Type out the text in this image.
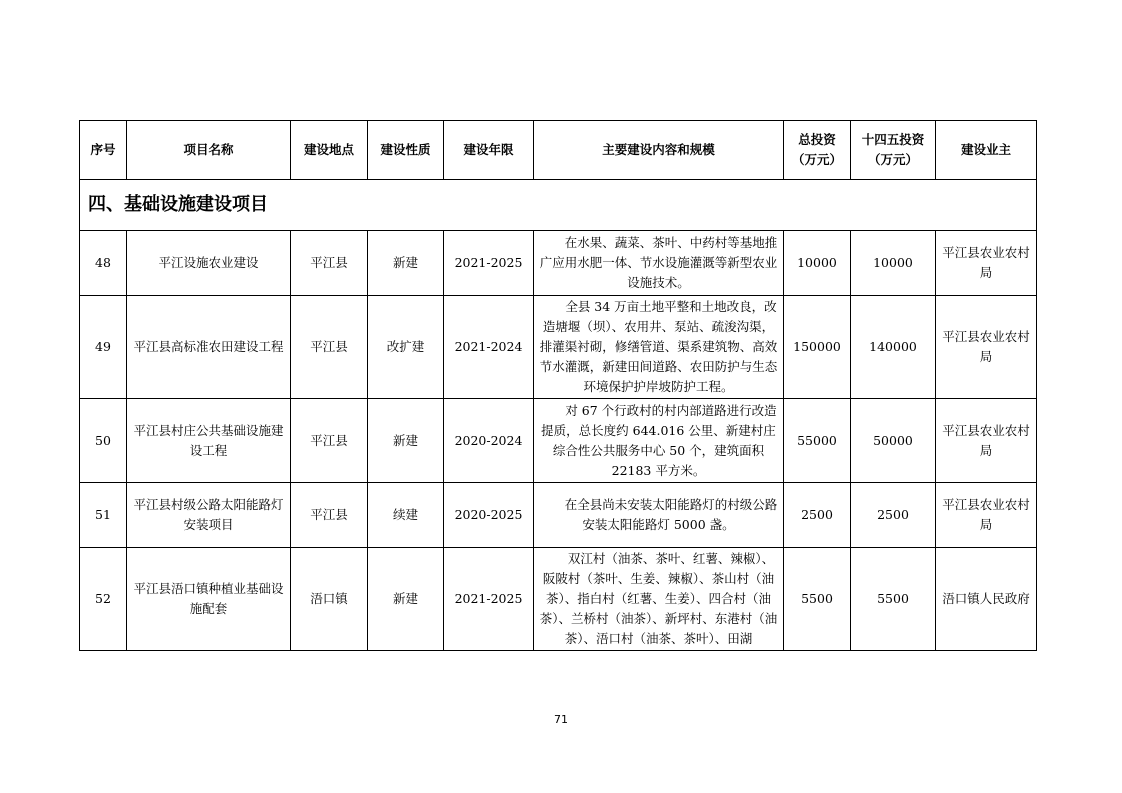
序号	项目名称	建设地点	建设性质	建设年限	主要建设内容和规模	总投资（万元）	十四五投资（万元）	建设业主
四、基础设施建设项目								
48	平江设施农业建设	平江县	新建	2021-2025	在水果、蔬菜、茶叶、中药村等基地推广应用水肥一体、节水设施灌溉等新型农业设施技术。	10000	10000	平江县农业农村局
49	平江县高标准农田建设工程	平江县	改扩建	2021-2024	全县 34 万亩土地平整和土地改良，改造塘堰（坝）、农用井、泵站、疏浚沟渠，排灌渠衬砌，修缮管道、渠系建筑物、高效节水灌溉，新建田间道路、农田防护与生态环境保护护岸坡防护工程。	150000	140000	平江县农业农村局
50	平江县村庄公共基础设施建设工程	平江县	新建	2020-2024	对 67 个行政村的村内部道路进行改造提质，总长度约 644.016 公里、新建村庄综合性公共服务中心 50 个，建筑面积 22183 平方米。	55000	50000	平江县农业农村局
51	平江县村级公路太阳能路灯安装项目	平江县	续建	2020-2025	在全县尚未安装太阳能路灯的村级公路安装太阳能路灯 5000 盏。	2500	2500	平江县农业农村局
52	平江县浯口镇种植业基础设施配套	浯口镇	新建	2021-2025	双江村（油茶、茶叶、红薯、辣椒）、阪陂村（茶叶、生姜、辣椒）、茶山村（油茶）、指白村（红薯、生姜）、四合村（油茶）、兰桥村（油茶）、新坪村、东港村（油茶）、浯口村（油茶、茶叶）、田湖	5500	5500	浯口镇人民政府
71
